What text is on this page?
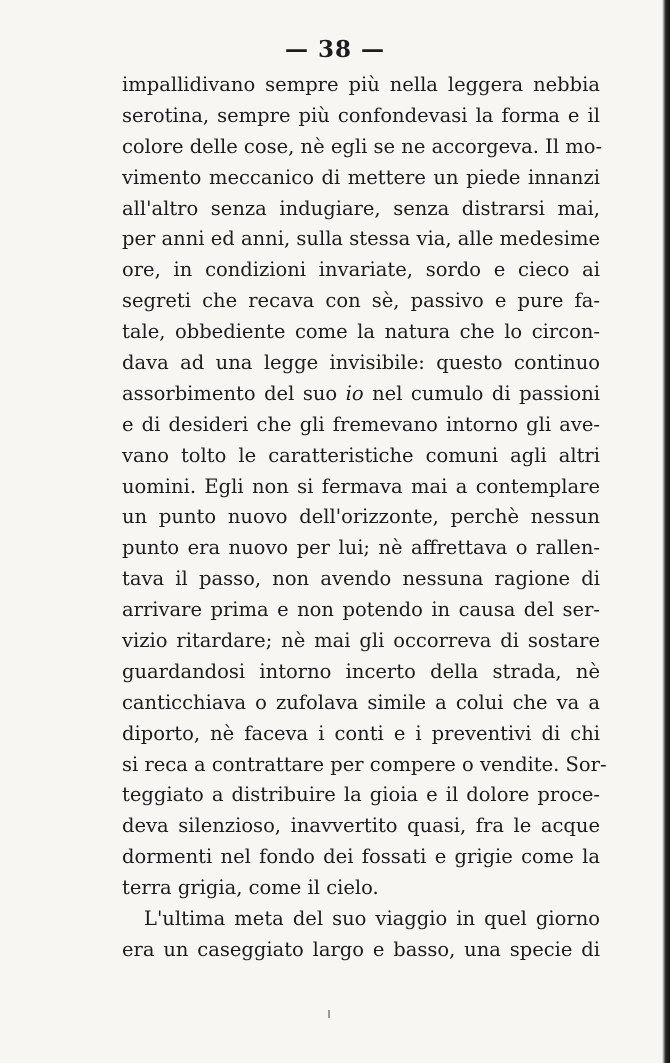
— 38 —
impallidivano sempre più nella leggera nebbia
serotina, sempre più confondevasi la forma e il
colore delle cose, nè egli se ne accorgeva. Il mo-
vimento meccanico di mettere un piede innanzi
all'altro senza indugiare, senza distrarsi mai,
per anni ed anni, sulla stessa via, alle medesime
ore, in condizioni invariate, sordo e cieco ai
segreti che recava con sè, passivo e pure fa-
tale, obbediente come la natura che lo circon-
dava ad una legge invisibile: questo continuo
assorbimento del suo io nel cumulo di passioni
e di desideri che gli fremevano intorno gli ave-
vano tolto le caratteristiche comuni agli altri
uomini. Egli non si fermava mai a contemplare
un punto nuovo dell'orizzonte, perchè nessun
punto era nuovo per lui; nè affrettava o rallen-
tava il passo, non avendo nessuna ragione di
arrivare prima e non potendo in causa del ser-
vizio ritardare; nè mai gli occorreva di sostare
guardandosi intorno incerto della strada, nè
canticchiava o zufolava simile a colui che va a
diporto, nè faceva i conti e i preventivi di chi
si reca a contrattare per compere o vendite. Sor-
teggiato a distribuire la gioia e il dolore proce-
deva silenzioso, inavvertito quasi, fra le acque
dormenti nel fondo dei fossati e grigie come la
terra grigia, come il cielo.
L'ultima meta del suo viaggio in quel giorno
era un caseggiato largo e basso, una specie di
